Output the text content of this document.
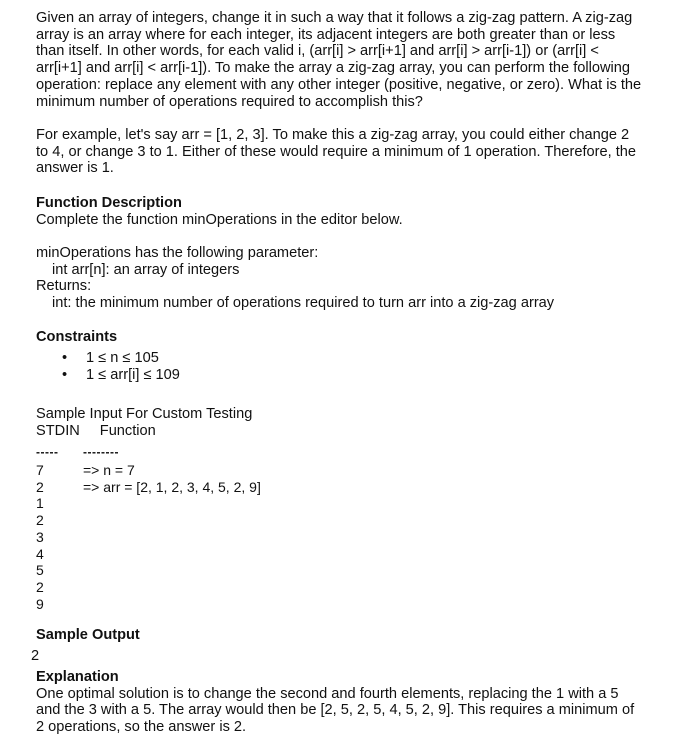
Given an array of integers, change it in such a way that it follows a zig-zag pattern. A zig-zag

array is an array where for each integer, its adjacent integers are both greater than or less

than itself. In other words, for each valid i, (arr[i] > arr[i+1] and arr[i] > arr[i-1]) or (arr[i] <

arr[i+1] and arr[i] < arr[i-1]). To make the array a zig-zag array, you can perform the following

operation: replace any element with any other integer (positive, negative, or zero). What is the

minimum number of operations required to accomplish this?

For example, let's say arr = [1, 2, 3]. To make this a zig-zag array, you could either change 2

to 4, or change 3 to 1. Either of these would require a minimum of 1 operation. Therefore, the

answer is 1.

Function Description

Complete the function minOperations in the editor below.

minOperations has the following parameter:

int arr[n]: an array of integers

Returns:

int: the minimum number of operations required to turn arr into a zig-zag array

Constraints

• 1 ≤ n ≤ 105
• 1 ≤ arr[i] ≤ 109

Sample Input For Custom Testing

STDIN Function

-----
7
2
1
2
3
4
5
2
9
--------
=> n = 7
=> arr = [2, 1, 2, 3, 4, 5, 2, 9]

Sample Output

2

Explanation

One optimal solution is to change the second and fourth elements, replacing the 1 with a 5

and the 3 with a 5. The array would then be [2, 5, 2, 5, 4, 5, 2, 9]. This requires a minimum of

2 operations, so the answer is 2.
